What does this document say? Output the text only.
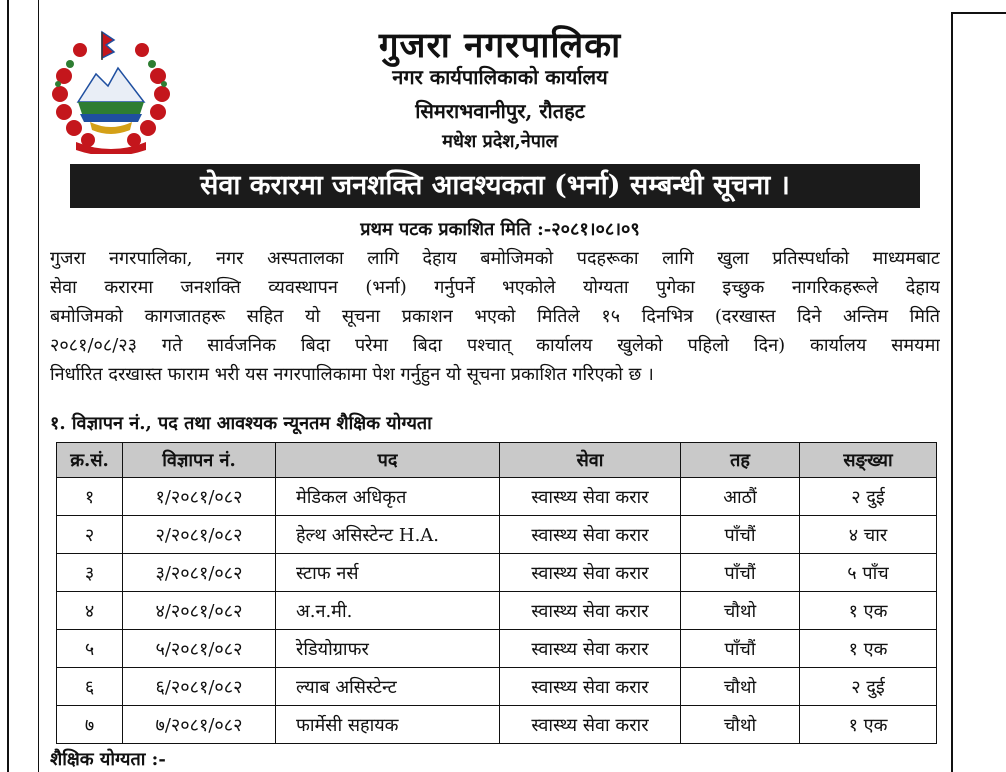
गुजरा नगरपालिका
नगर कार्यपालिकाको कार्यालय
सिमराभवानीपुर, रौतहट
मधेश प्रदेश,नेपाल
सेवा करारमा जनशक्ति आवश्यकता (भर्ना) सम्बन्धी सूचना ।
प्रथम पटक प्रकाशित मिति :-२०८१।०८।०९
गुजरा नगरपालिका, नगर अस्पतालका लागि देहाय बमोजिमको पदहरूका लागि खुला प्रतिस्पर्धाको माध्यमबाट
सेवा करारमा जनशक्ति व्यवस्थापन (भर्ना) गर्नुपर्ने भएकोले योग्यता पुगेका इच्छुक नागरिकहरूले देहाय
बमोजिमको कागजातहरू सहित यो सूचना प्रकाशन भएको मितिले १५ दिनभित्र (दरखास्त दिने अन्तिम मिति
२०८१/०८/२३ गते सार्वजनिक बिदा परेमा बिदा पश्चात् कार्यालय खुलेको पहिलो दिन) कार्यालय समयमा
निर्धारित दरखास्त फाराम भरी यस नगरपालिकामा पेश गर्नुहुन यो सूचना प्रकाशित गरिएको छ ।
१. विज्ञापन नं., पद तथा आवश्यक न्यूनतम शैक्षिक योग्यता
क्र.सं.	विज्ञापन नं.	पद	सेवा	तह	सङ्ख्या
१	१/२०८१/०८२	मेडिकल अधिकृत	स्वास्थ्य सेवा करार	आठौं	२ दुई
२	२/२०८१/०८२	हेल्थ असिस्टेन्ट H.A.	स्वास्थ्य सेवा करार	पाँचौं	४ चार
३	३/२०८१/०८२	स्टाफ नर्स	स्वास्थ्य सेवा करार	पाँचौं	५ पाँच
४	४/२०८१/०८२	अ.न.मी.	स्वास्थ्य सेवा करार	चौथो	१ एक
५	५/२०८१/०८२	रेडियोग्राफर	स्वास्थ्य सेवा करार	पाँचौं	१ एक
६	६/२०८१/०८२	ल्याब असिस्टेन्ट	स्वास्थ्य सेवा करार	चौथो	२ दुई
७	७/२०८१/०८२	फार्मेसी सहायक	स्वास्थ्य सेवा करार	चौथो	१ एक
शैक्षिक योग्यता :-
